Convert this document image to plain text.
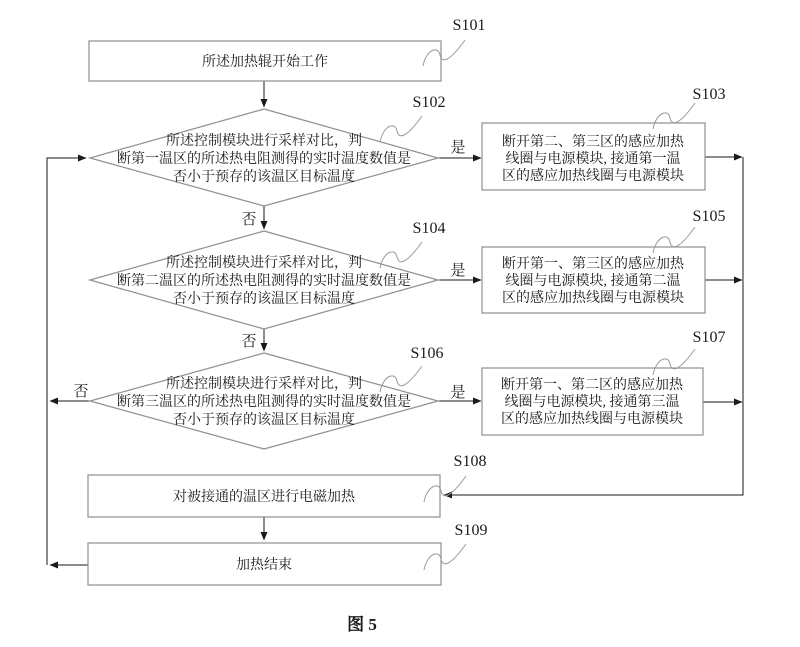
所述加热辊开始工作
所述控制模块进行采样对比，判
断第一温区的所述热电阻测得的实时温度数值是
否小于预存的该温区目标温度
断开第二、第三区的感应加热
线圈与电源模块, 接通第一温
区的感应加热线圈与电源模块
所述控制模块进行采样对比，判
断第二温区的所述热电阻测得的实时温度数值是
否小于预存的该温区目标温度
断开第一、第三区的感应加热
线圈与电源模块, 接通第二温
区的感应加热线圈与电源模块
所述控制模块进行采样对比，判
断第三温区的所述热电阻测得的实时温度数值是
否小于预存的该温区目标温度
断开第一、第二区的感应加热
线圈与电源模块, 接通第三温
区的感应加热线圈与电源模块
对被接通的温区进行电磁加热
加热结束
S101
S102	S103
S104
S105
S106
S107
S108
S109
是
是
是
否
否
否
图 5
